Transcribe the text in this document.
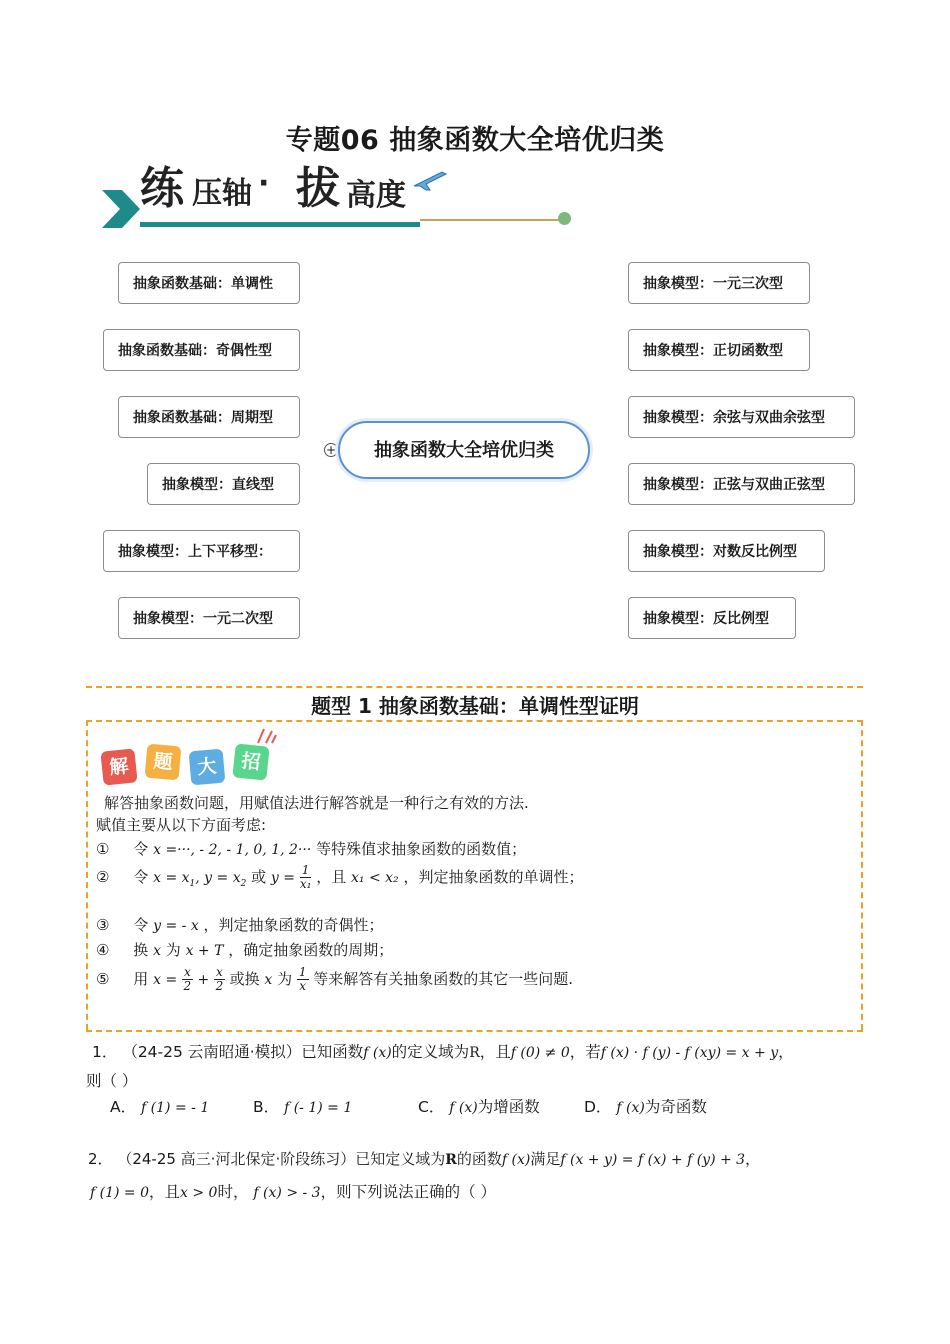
专题06 抽象函数大全培优归类
练 压轴 · 拔 高度
抽象函数基础：单调性
抽象函数基础：奇偶性型
抽象函数基础：周期型
抽象模型：直线型
抽象模型：上下平移型：
抽象模型：一元二次型
+	抽象函数大全培优归类
抽象模型：一元三次型
抽象模型：正切函数型
抽象模型：余弦与双曲余弦型
抽象模型：正弦与双曲正弦型
抽象模型：对数反比例型
抽象模型：反比例型
题型 1 抽象函数基础：单调性型证明
解	题	大	招
解答抽象函数问题，用赋值法进行解答就是一种行之有效的方法.
赋值主要从以下方面考虑:
① 令 x =···, - 2, - 1, 0, 1, 2··· 等特殊值求抽象函数的函数值；
② 令 $x = x_1$, $y = x_2$ 或 $y = \frac{1}{\text{x₁}}$ ，且 x₁ < x₂ ，判定抽象函数的单调性；
③ 令 y = - x ，判定抽象函数的奇偶性；
④ 换 x 为 x + T ，确定抽象函数的周期；
⑤ 用 $x = \frac{x}{2} + \frac{x}{2}$ 或换 x 为 $\frac{1}{x}$ 等来解答有关抽象函数的其它一些问题.
1． （24-25 云南昭通·模拟）已知函数f (x)的定义域为R，且f (0) ≠ 0，若f (x) · f (y) - f (xy) = x + y，
则（ ）
A． f (1) = - 1	B． f (- 1) = 1	C． f (x)为增函数	D． f (x)为奇函数
2． （24-25 高三·河北保定·阶段练习）已知定义域为R的函数f (x)满足f (x + y) = f (x) + f (y) + 3，
f (1) = 0，且x > 0时， f (x) > - 3，则下列说法正确的（ ）
